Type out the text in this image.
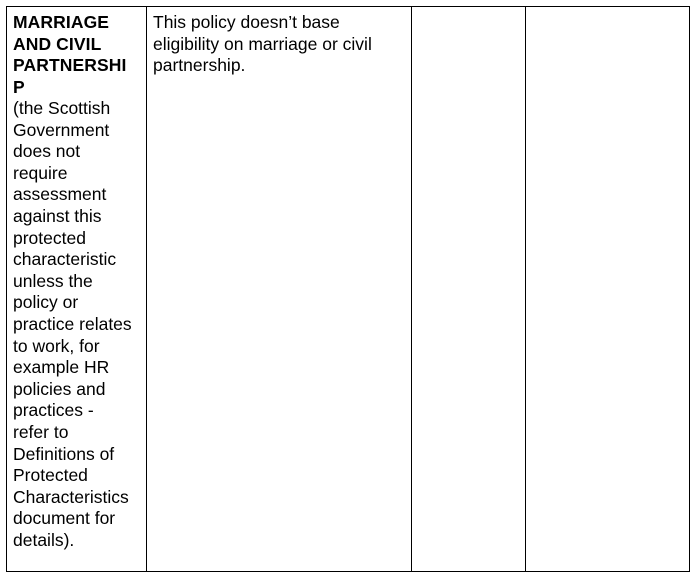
MARRIAGE
AND CIVIL
PARTNERSHI
P
(the Scottish
Government
does not
require
assessment
against this
protected
characteristic
unless the
policy or
practice relates
to work, for
example HR
policies and
practices -
refer to
Definitions of
Protected
Characteristics
document for
details).
This policy doesn’t base
eligibility on marriage or civil
partnership.
